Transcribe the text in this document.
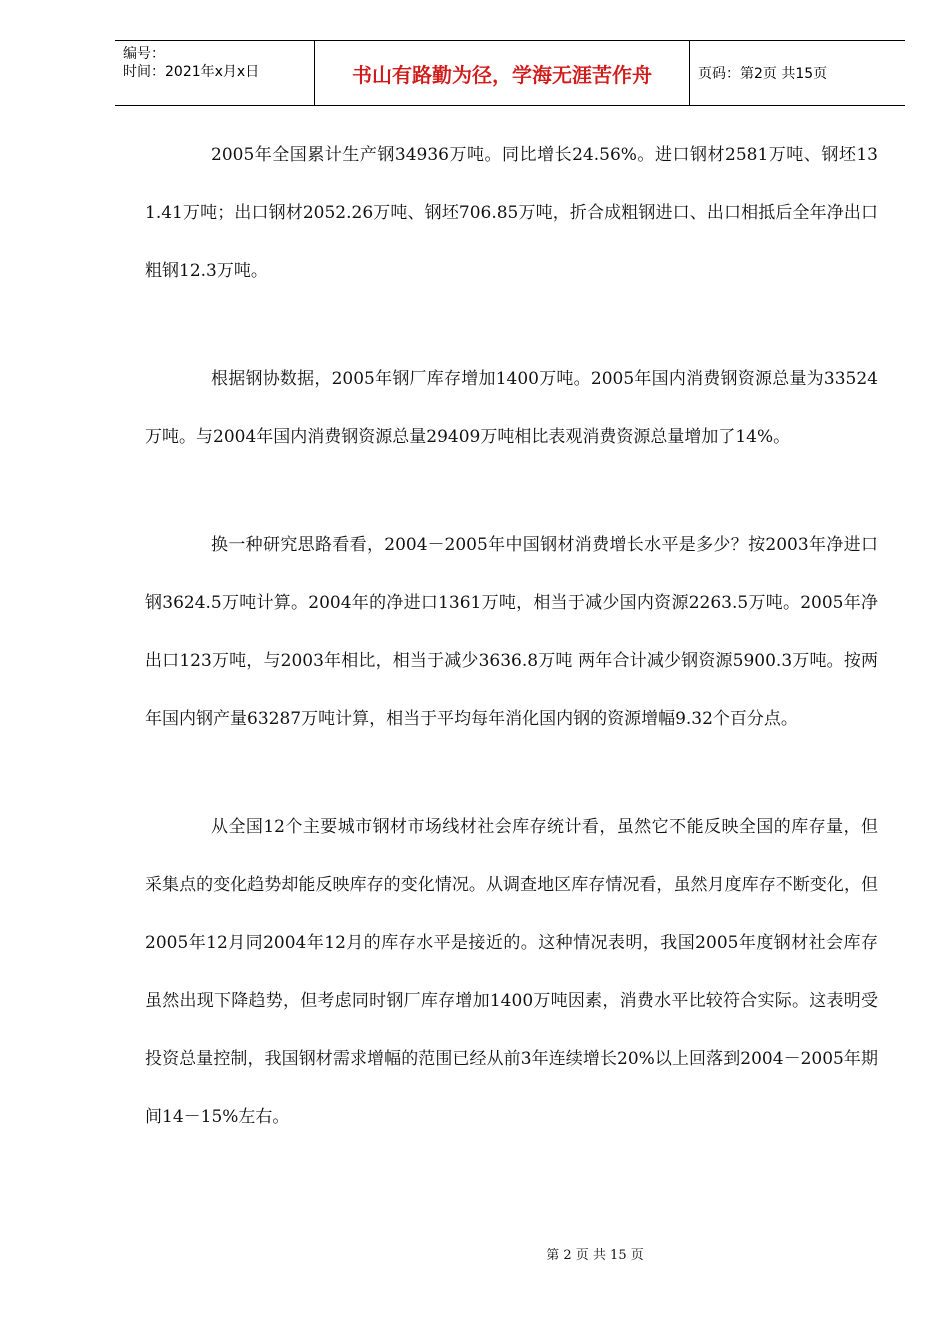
编号：
时间：2021年x月x日	书山有路勤为径，学海无涯苦作舟	页码：第2页 共15页

2005年全国累计生产钢34936万吨。同比增长24.56%。进口钢材2581万吨、钢坯131.41万吨；出口钢材2052.26万吨、钢坯706.85万吨，折合成粗钢进口、出口相抵后全年净出口粗钢12.3万吨。

根据钢协数据，2005年钢厂库存增加1400万吨。2005年国内消费钢资源总量为33524万吨。与2004年国内消费钢资源总量29409万吨相比表观消费资源总量增加了14%。

换一种研究思路看看，2004－2005年中国钢材消费增长水平是多少？按2003年净进口钢3624.5万吨计算。2004年的净进口1361万吨，相当于减少国内资源2263.5万吨。2005年净出口123万吨，与2003年相比，相当于减少3636.8万吨 两年合计减少钢资源5900.3万吨。按两年国内钢产量63287万吨计算，相当于平均每年消化国内钢的资源增幅9.32个百分点。

从全国12个主要城市钢材市场线材社会库存统计看，虽然它不能反映全国的库存量，但采集点的变化趋势却能反映库存的变化情况。从调查地区库存情况看，虽然月度库存不断变化，但2005年12月同2004年12月的库存水平是接近的。这种情况表明，我国2005年度钢材社会库存虽然出现下降趋势，但考虑同时钢厂库存增加1400万吨因素，消费水平比较符合实际。这表明受投资总量控制，我国钢材需求增幅的范围已经从前3年连续增长20%以上回落到2004－2005年期间14－15%左右。

第 2 页 共 15 页
